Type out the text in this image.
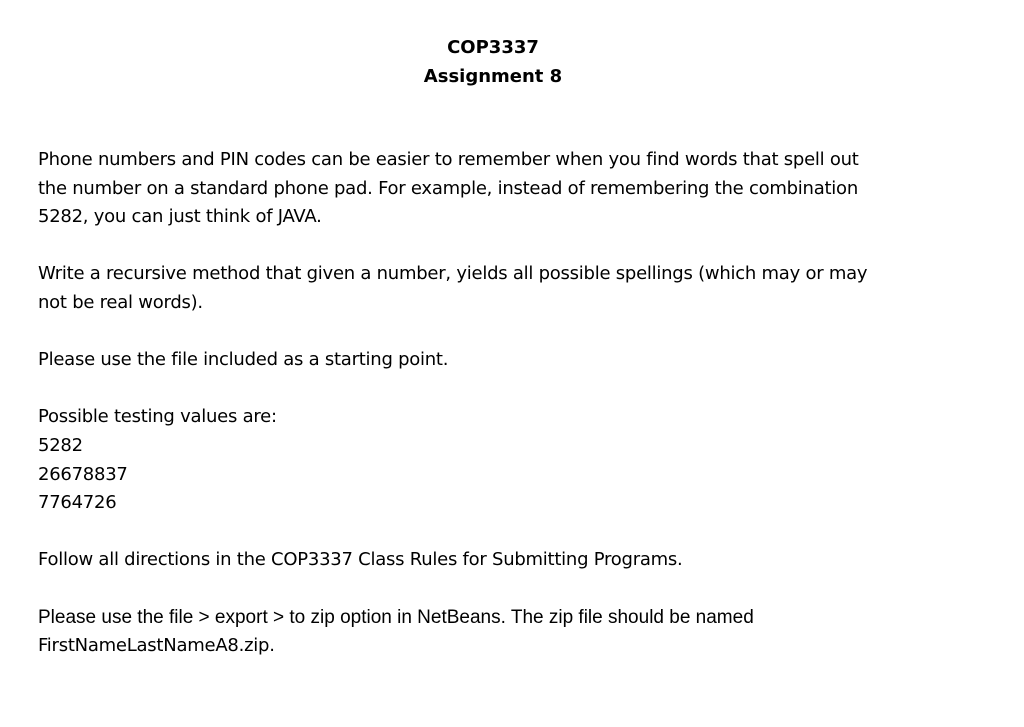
COP3337
Assignment 8

Phone numbers and PIN codes can be easier to remember when you find words that spell out
the number on a standard phone pad. For example, instead of remembering the combination
5282, you can just think of JAVA.

Write a recursive method that given a number, yields all possible spellings (which may or may
not be real words).

Please use the file included as a starting point.

Possible testing values are:
5282
26678837
7764726

Follow all directions in the COP3337 Class Rules for Submitting Programs.

Please use the file > export > to zip option in NetBeans. The zip file should be named
FirstNameLastNameA8.zip.
